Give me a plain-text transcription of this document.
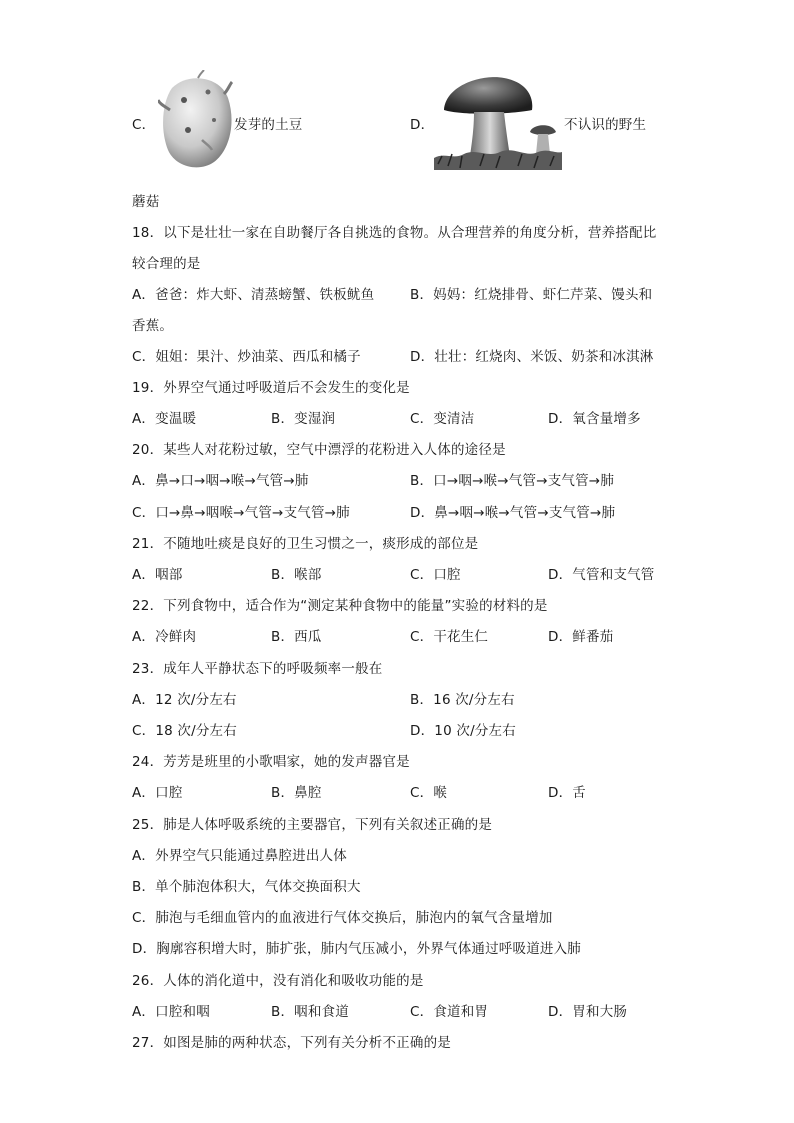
C．	发芽的土豆	D．	不认识的野生
蘑菇
18．以下是壮壮一家在自助餐厅各自挑选的食物。从合理营养的角度分析，营养搭配比
较合理的是
A．爸爸：炸大虾、清蒸螃蟹、铁板鱿鱼	B．妈妈：红烧排骨、虾仁芹菜、馒头和
香蕉。
C．姐姐：果汁、炒油菜、西瓜和橘子	D．壮壮：红烧肉、米饭、奶茶和冰淇淋
19．外界空气通过呼吸道后不会发生的变化是
A．变温暖	B．变湿润	C．变清洁	D．氧含量增多
20．某些人对花粉过敏，空气中漂浮的花粉进入人体的途径是
A．鼻→口→咽→喉→气管→肺	B．口→咽→喉→气管→支气管→肺
C．口→鼻→咽喉→气管→支气管→肺	D．鼻→咽→喉→气管→支气管→肺
21．不随地吐痰是良好的卫生习惯之一，痰形成的部位是
A．咽部	B．喉部	C．口腔	D．气管和支气管
22．下列食物中，适合作为“测定某种食物中的能量”实验的材料的是
A．冷鲜肉	B．西瓜	C．干花生仁	D．鲜番茄
23．成年人平静状态下的呼吸频率一般在
A．12 次/分左右	B．16 次/分左右
C．18 次/分左右	D．10 次/分左右
24．芳芳是班里的小歌唱家，她的发声器官是
A．口腔	B．鼻腔	C．喉	D．舌
25．肺是人体呼吸系统的主要器官，下列有关叙述正确的是
A．外界空气只能通过鼻腔进出人体
B．单个肺泡体积大，气体交换面积大
C．肺泡与毛细血管内的血液进行气体交换后，肺泡内的氧气含量增加
D．胸廓容积增大时，肺扩张，肺内气压减小，外界气体通过呼吸道进入肺
26．人体的消化道中，没有消化和吸收功能的是
A．口腔和咽	B．咽和食道	C．食道和胃	D．胃和大肠
27．如图是肺的两种状态，下列有关分析不正确的是
